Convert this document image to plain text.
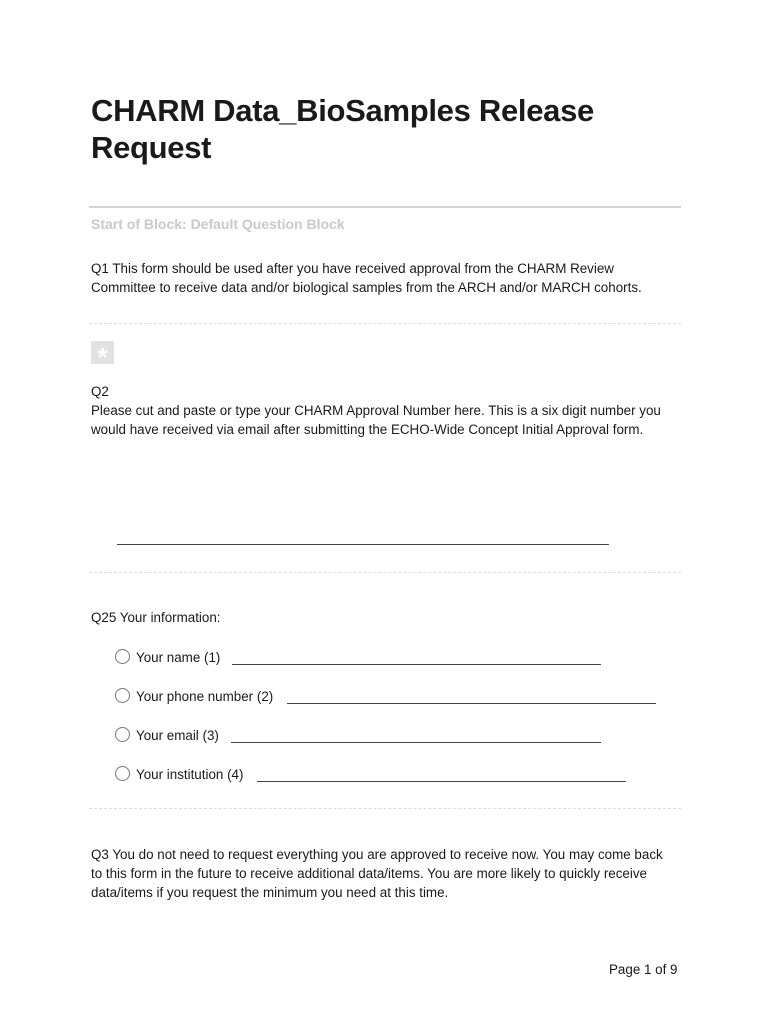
CHARM Data_BioSamples Release Request
Start of Block: Default Question Block

Q1 This form should be used after you have received approval from the CHARM Review Committee to receive data and/or biological samples from the ARCH and/or MARCH cohorts.

*

Q2

Please cut and paste or type your CHARM Approval Number here. This is a six digit number you would have received via email after submitting the ECHO-Wide Concept Initial Approval form.

Q25 Your information:
Your name (1)
Your phone number (2)
Your email (3)
Your institution (4)

Q3 You do not need to request everything you are approved to receive now. You may come back to this form in the future to receive additional data/items. You are more likely to quickly receive data/items if you request the minimum you need at this time.

Page 1 of 9
